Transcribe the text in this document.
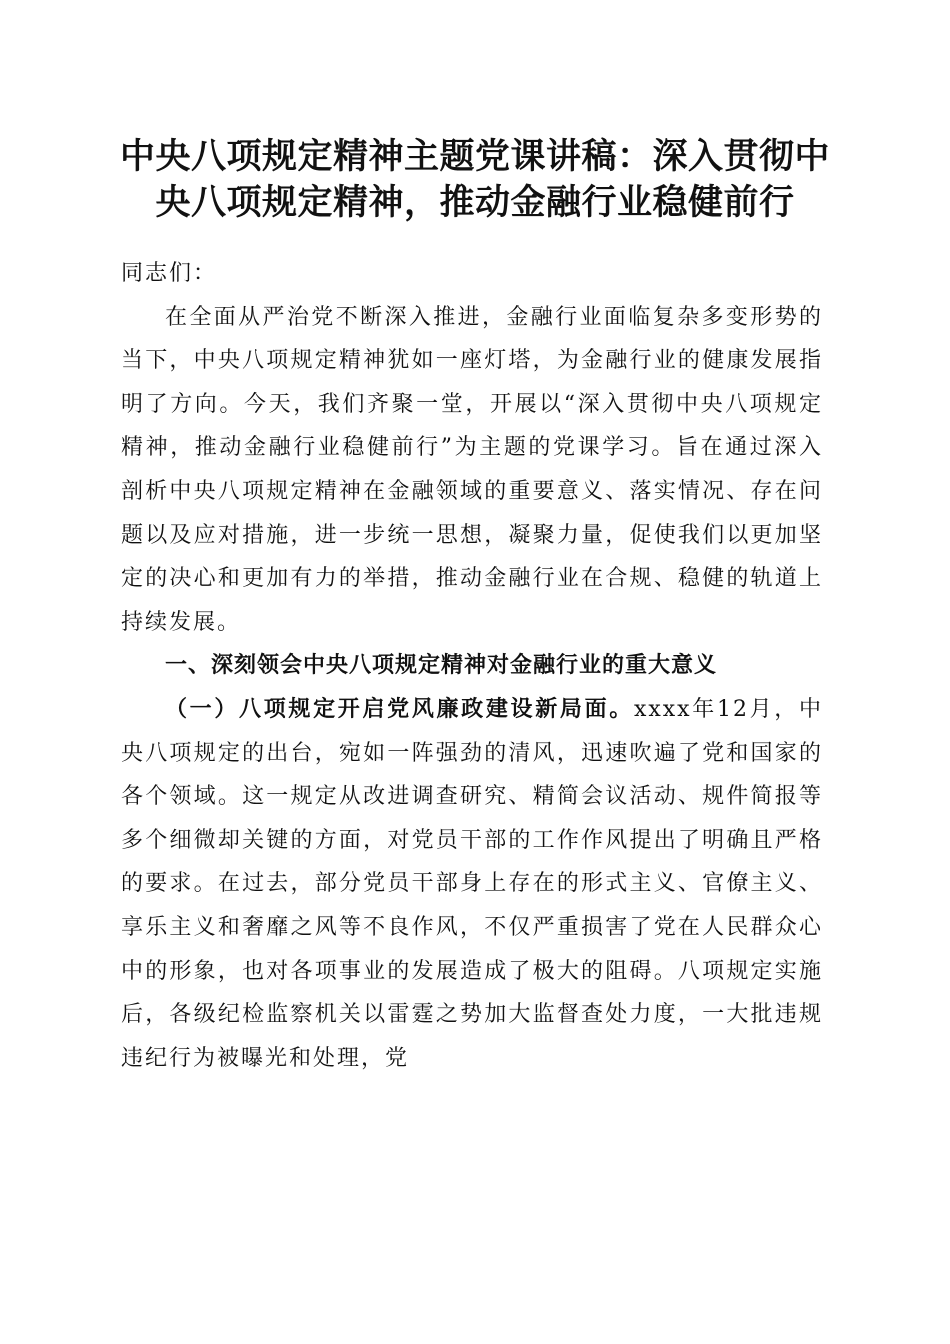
中央八项规定精神主题党课讲稿：深入贯彻中
央八项规定精神，推动金融行业稳健前行

同志们：

在全面从严治党不断深入推进，金融行业面临复杂多变形势的当下，中央八项规定精神犹如一座灯塔，为金融行业的健康发展指明了方向。今天，我们齐聚一堂，开展以“深入贯彻中央八项规定精神，推动金融行业稳健前行”为主题的党课学习。旨在通过深入剖析中央八项规定精神在金融领域的重要意义、落实情况、存在问题以及应对措施，进一步统一思想，凝聚力量，促使我们以更加坚定的决心和更加有力的举措，推动金融行业在合规、稳健的轨道上持续发展。

一、深刻领会中央八项规定精神对金融行业的重大意义

（一）八项规定开启党风廉政建设新局面。xxxx年12月，中央八项规定的出台，宛如一阵强劲的清风，迅速吹遍了党和国家的各个领域。这一规定从改进调查研究、精简会议活动、规件简报等多个细微却关键的方面，对党员干部的工作作风提出了明确且严格的要求。在过去，部分党员干部身上存在的形式主义、官僚主义、享乐主义和奢靡之风等不良作风，不仅严重损害了党在人民群众心中的形象，也对各项事业的发展造成了极大的阻碍。八项规定实施后，各级纪检监察机关以雷霆之势加大监督查处力度，一大批违规违纪行为被曝光和处理，党
